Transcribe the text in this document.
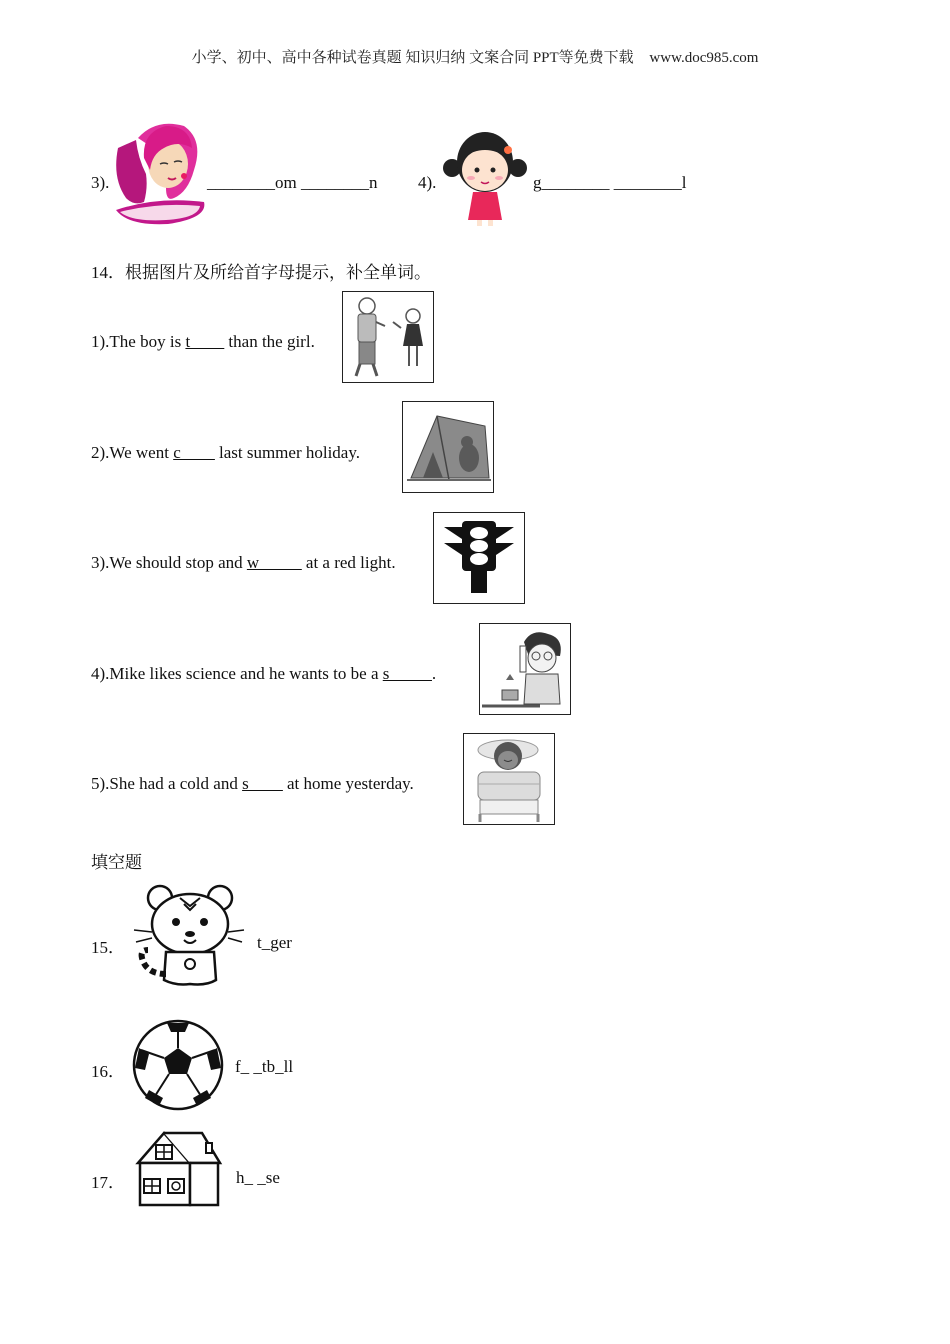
小学、初中、高中各种试卷真题 知识归纳 文案合同 PPT等免费下载 www.doc985.com
3).	________om ________n 4).	g________ ________l
14．根据图片及所给首字母提示，补全单词。
1).The boy is t____ than the girl.
2).We went c____ last summer holiday.
3).We should stop and w_____ at a red light.
4).Mike likes science and he wants to be a s_____.
5).She had a cold and s____ at home yesterday.
填空题
15．	t_ger
16．	f_ _tb_ll
17．	h_ _se
